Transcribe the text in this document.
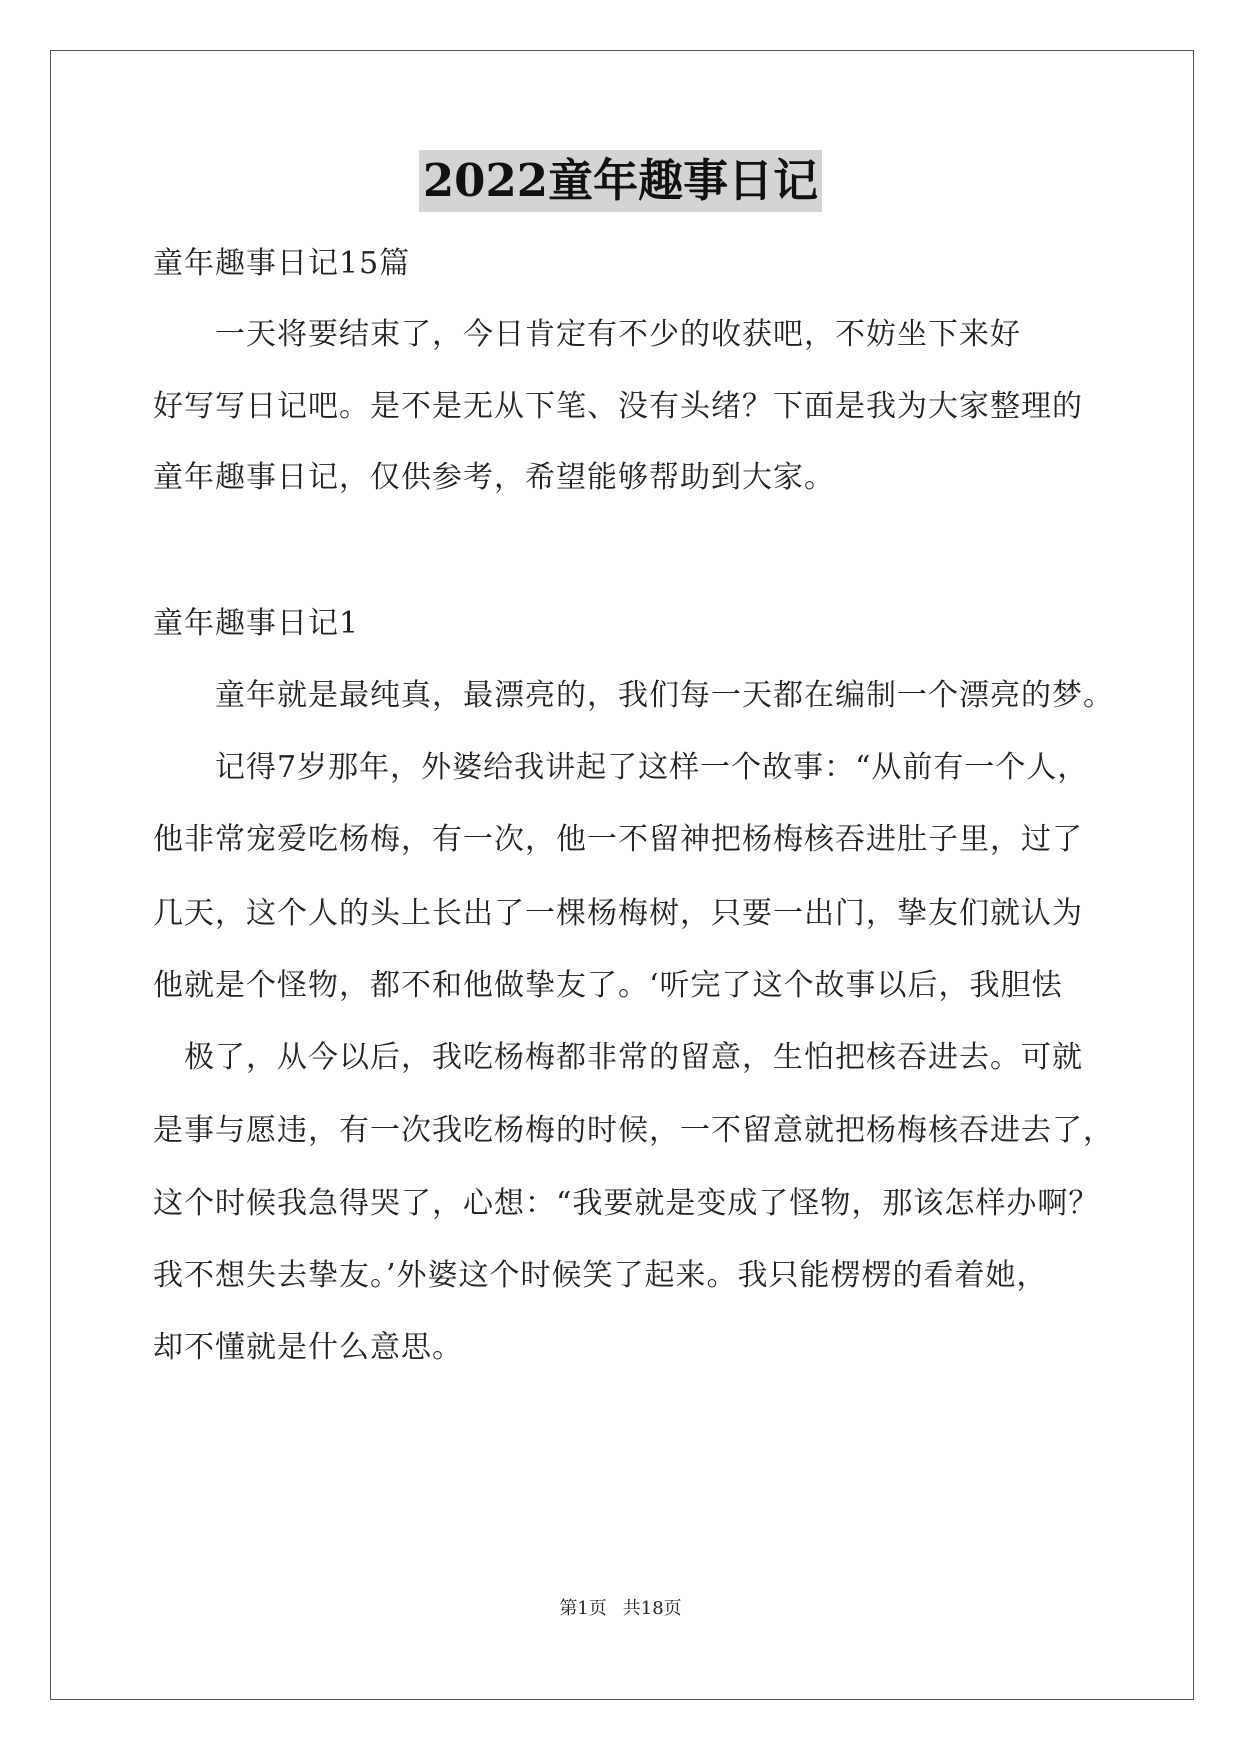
2022童年趣事日记
童年趣事日记15篇
　　一天将要结束了，今日肯定有不少的收获吧，不妨坐下来好
好写写日记吧。是不是无从下笔、没有头绪？下面是我为大家整理的
童年趣事日记，仅供参考，希望能够帮助到大家。
童年趣事日记1
　　童年就是最纯真，最漂亮的，我们每一天都在编制一个漂亮的梦。
　　记得7岁那年，外婆给我讲起了这样一个故事：“从前有一个人，
他非常宠爱吃杨梅，有一次，他一不留神把杨梅核吞进肚子里，过了
几天，这个人的头上长出了一棵杨梅树，只要一出门，挚友们就认为
他就是个怪物，都不和他做挚友了。‘听完了这个故事以后，我胆怯
　极了，从今以后，我吃杨梅都非常的留意，生怕把核吞进去。可就
是事与愿违，有一次我吃杨梅的时候，一不留意就把杨梅核吞进去了，
这个时候我急得哭了，心想：“我要就是变成了怪物，那该怎样办啊？
我不想失去挚友。’外婆这个时候笑了起来。我只能楞楞的看着她，
却不懂就是什么意思。
第1页 共18页
